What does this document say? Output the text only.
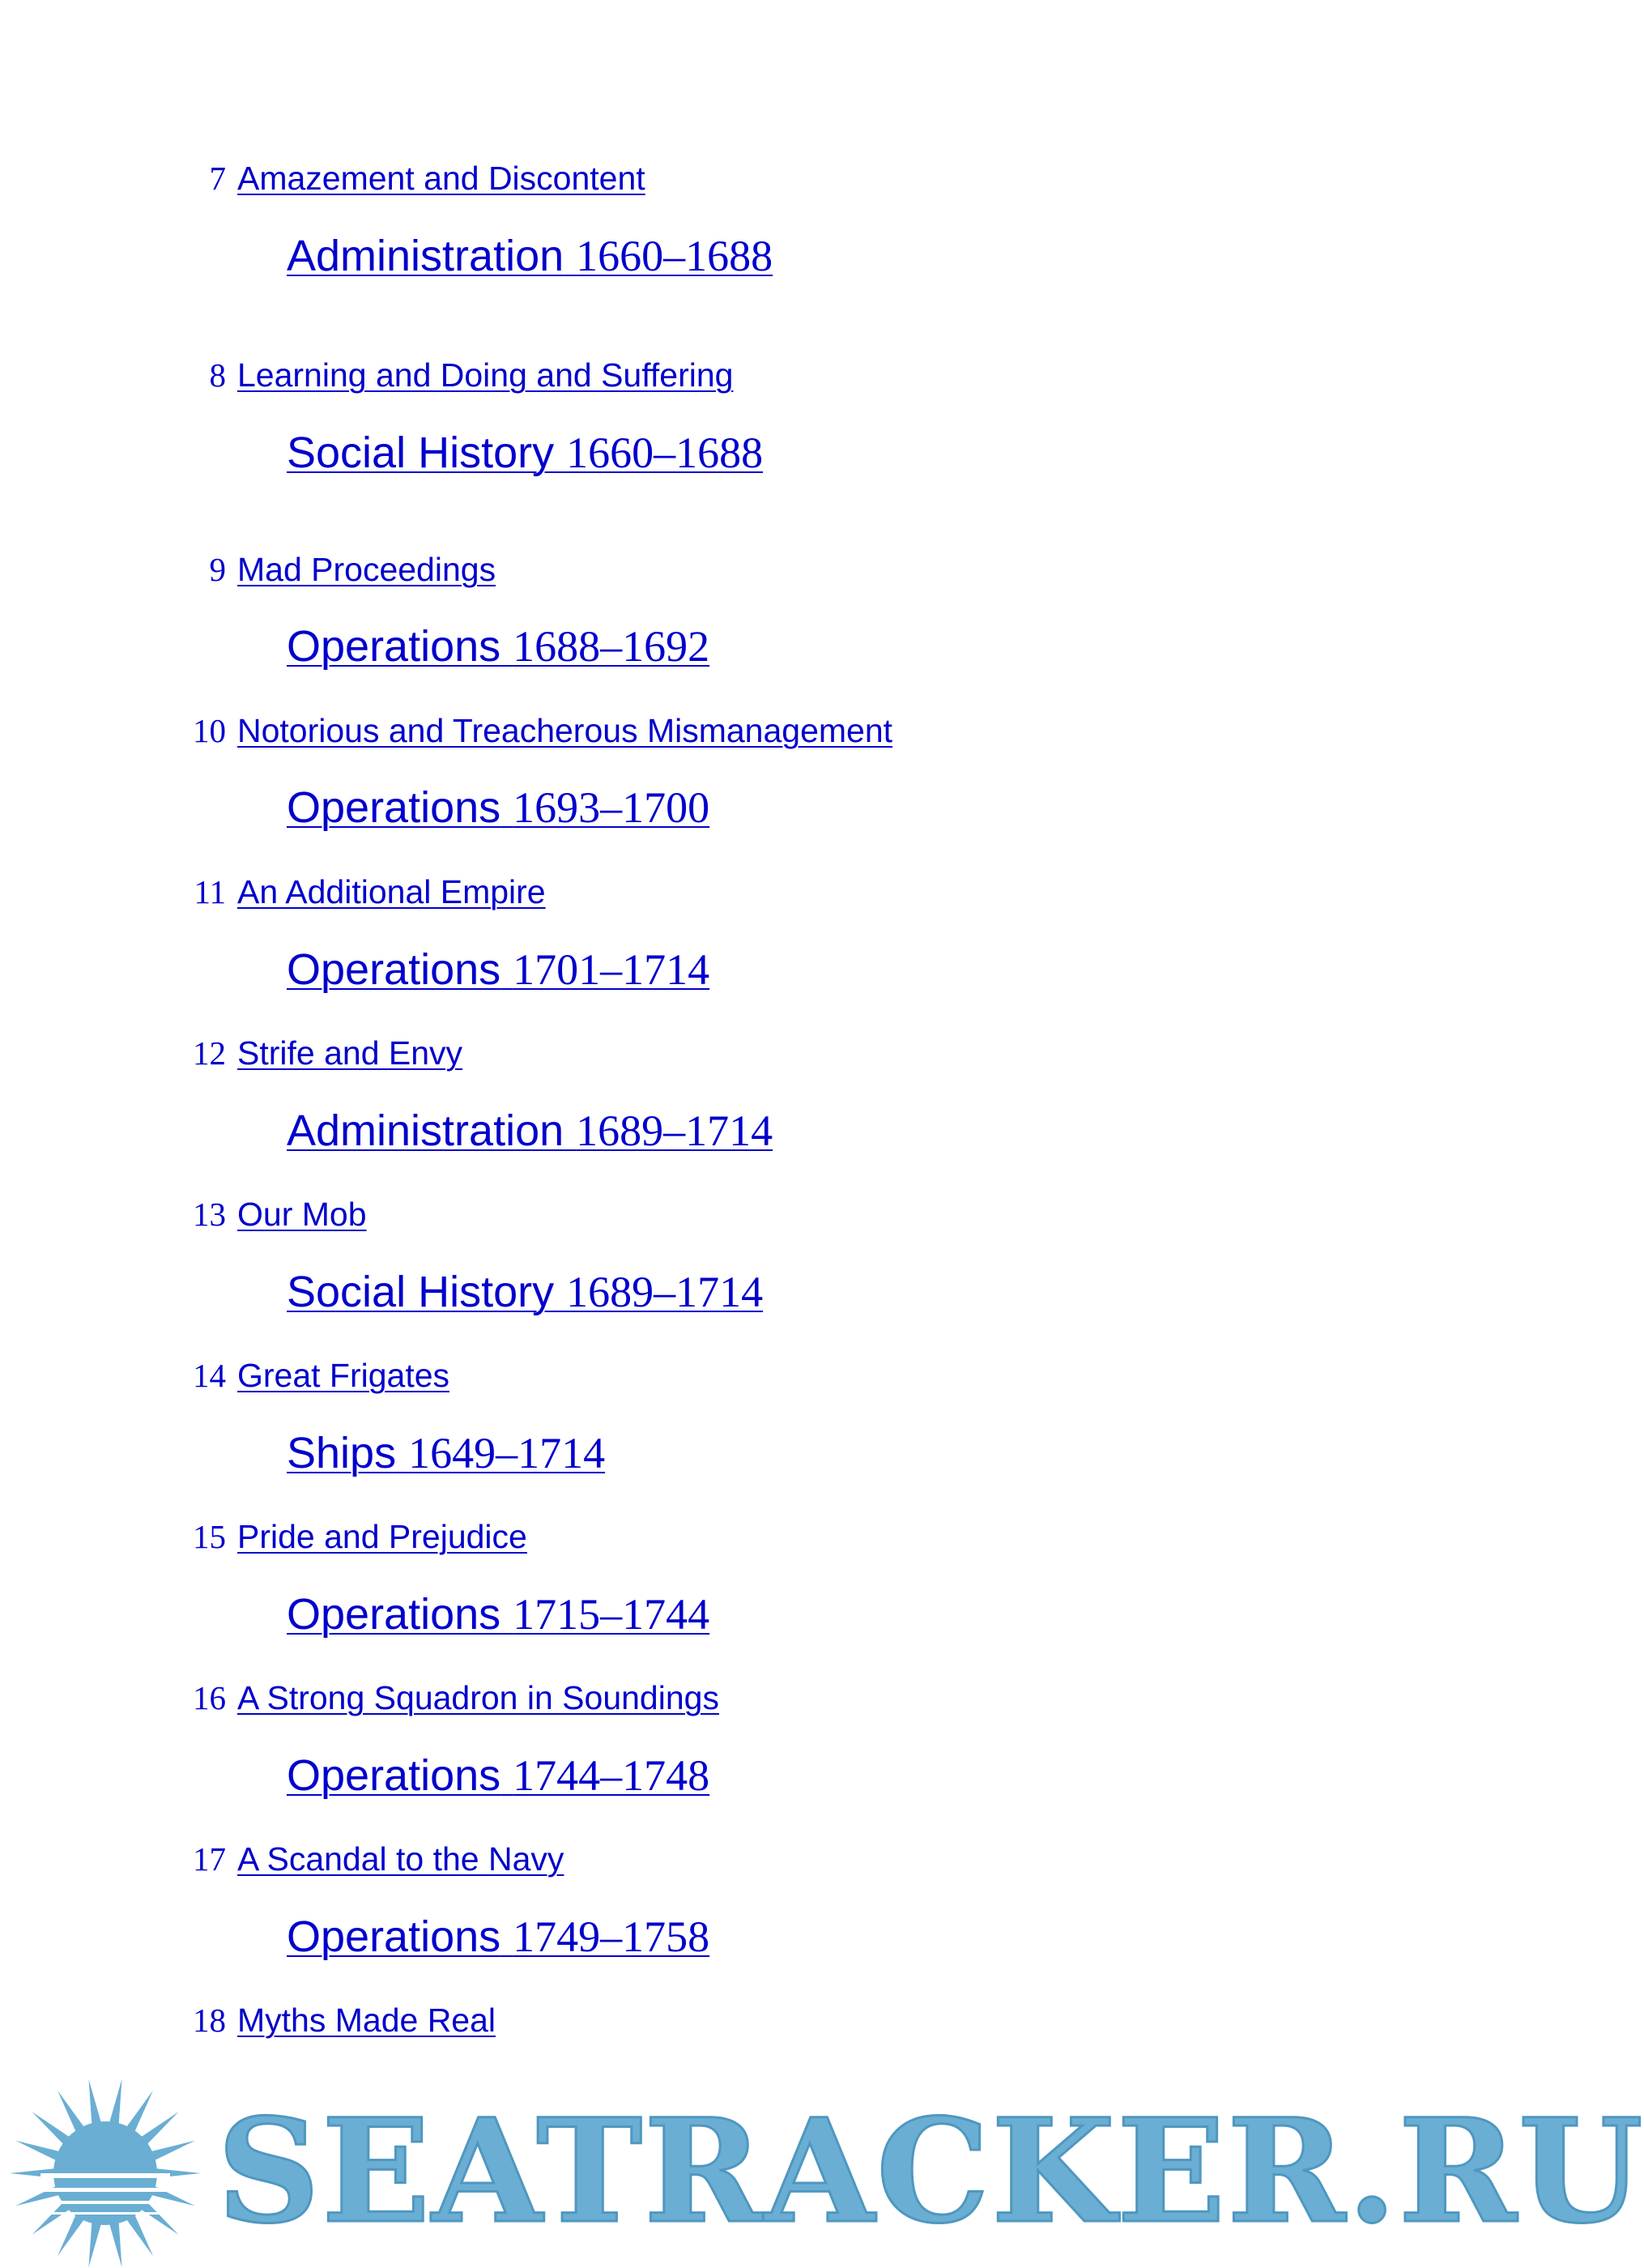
7 Amazement and Discontent
Administration 1660–1688
8 Learning and Doing and Suffering
Social History 1660–1688
9 Mad Proceedings
Operations 1688–1692
10 Notorious and Treacherous Mismanagement
Operations 1693–1700
11 An Additional Empire
Operations 1701–1714
12 Strife and Envy
Administration 1689–1714
13 Our Mob
Social History 1689–1714
14 Great Frigates
Ships 1649–1714
15 Pride and Prejudice
Operations 1715–1744
16 A Strong Squadron in Soundings
Operations 1744–1748
17 A Scandal to the Navy
Operations 1749–1758
18 Myths Made Real
SEATRACKER.RU
